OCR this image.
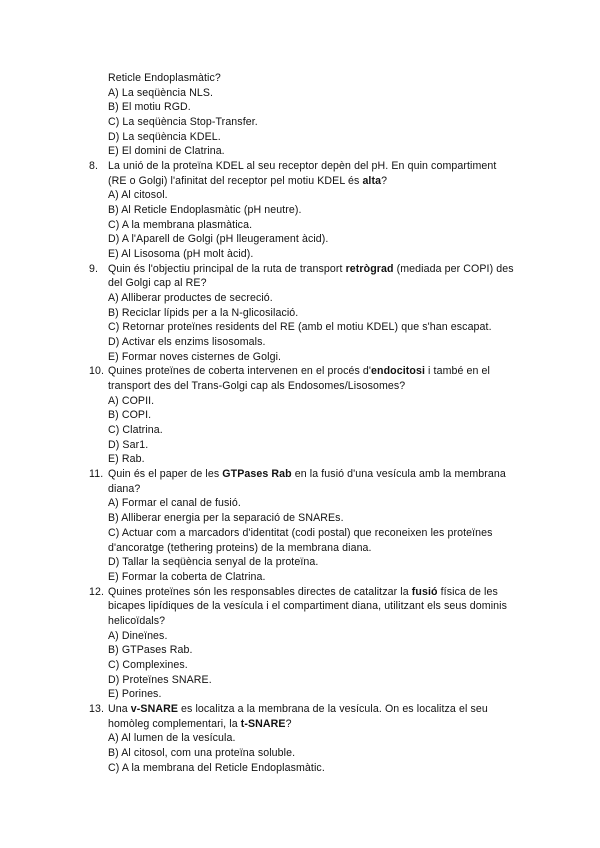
Reticle Endoplasmàtic?
A) La seqüència NLS.
B) El motiu RGD.
C) La seqüència Stop-Transfer.
D) La seqüència KDEL.
E) El domini de Clatrina.
8. La unió de la proteïna KDEL al seu receptor depèn del pH. En quin compartiment
(RE o Golgi) l'afinitat del receptor pel motiu KDEL és alta?
A) Al citosol.
B) Al Reticle Endoplasmàtic (pH neutre).
C) A la membrana plasmàtica.
D) A l'Aparell de Golgi (pH lleugerament àcid).
E) Al Lisosoma (pH molt àcid).
9. Quin és l'objectiu principal de la ruta de transport retrògrad (mediada per COPI) des
del Golgi cap al RE?
A) Alliberar productes de secreció.
B) Reciclar lípids per a la N-glicosilació.
C) Retornar proteïnes residents del RE (amb el motiu KDEL) que s'han escapat.
D) Activar els enzims lisosomals.
E) Formar noves cisternes de Golgi.
10. Quines proteïnes de coberta intervenen en el procés d'endocitosi i també en el
transport des del Trans-Golgi cap als Endosomes/Lisosomes?
A) COPII.
B) COPI.
C) Clatrina.
D) Sar1.
E) Rab.
11. Quin és el paper de les GTPases Rab en la fusió d'una vesícula amb la membrana
diana?
A) Formar el canal de fusió.
B) Alliberar energia per la separació de SNAREs.
C) Actuar com a marcadors d'identitat (codi postal) que reconeixen les proteïnes
d'ancoratge (tethering proteins) de la membrana diana.
D) Tallar la seqüència senyal de la proteïna.
E) Formar la coberta de Clatrina.
12. Quines proteïnes són les responsables directes de catalitzar la fusió física de les
bicapes lipídiques de la vesícula i el compartiment diana, utilitzant els seus dominis
helicoïdals?
A) Dineïnes.
B) GTPases Rab.
C) Complexines.
D) Proteïnes SNARE.
E) Porines.
13. Una v-SNARE es localitza a la membrana de la vesícula. On es localitza el seu
homòleg complementari, la t-SNARE?
A) Al lumen de la vesícula.
B) Al citosol, com una proteïna soluble.
C) A la membrana del Reticle Endoplasmàtic.
